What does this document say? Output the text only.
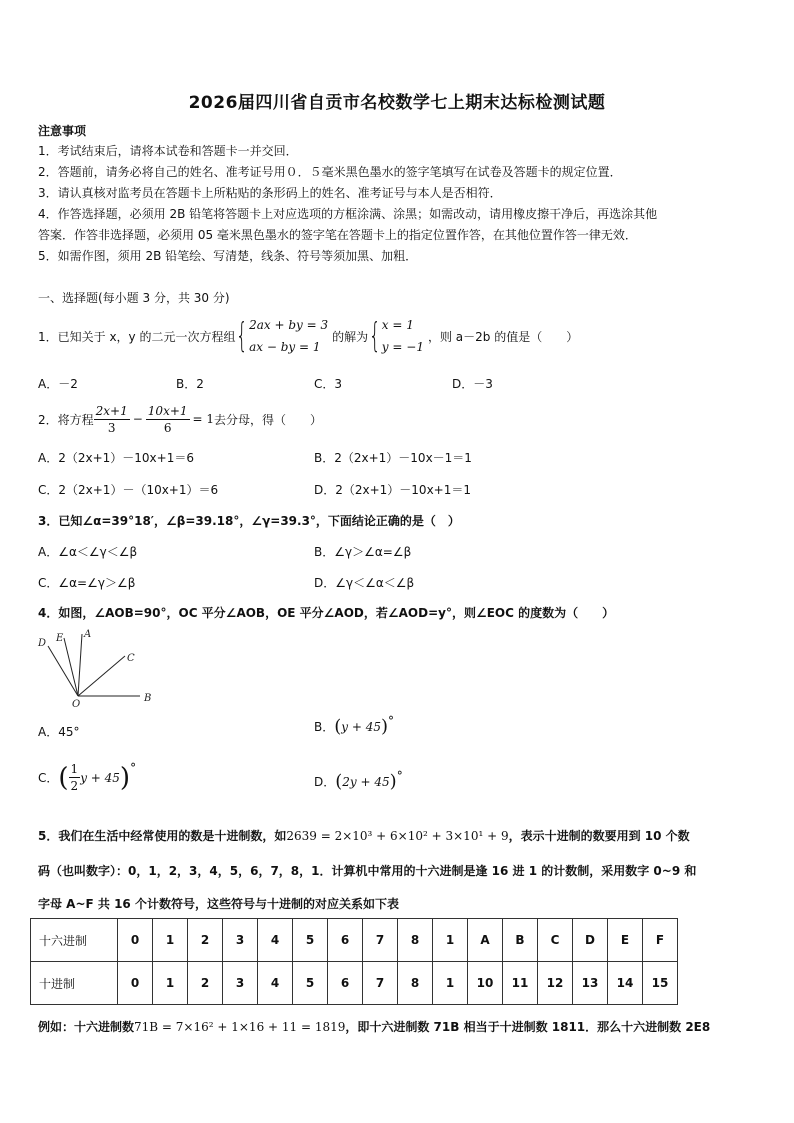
2026届四川省自贡市名校数学七上期末达标检测试题
注意事项
1．考试结束后，请将本试卷和答题卡一并交回．
2．答题前，请务必将自己的姓名、准考证号用０．５毫米黑色墨水的签字笔填写在试卷及答题卡的规定位置．
3．请认真核对监考员在答题卡上所粘贴的条形码上的姓名、准考证号与本人是否相符．
4．作答选择题，必须用 2B 铅笔将答题卡上对应选项的方框涂满、涂黑；如需改动，请用橡皮擦干净后，再选涂其他
答案．作答非选择题，必须用 05 毫米黑色墨水的签字笔在答题卡上的指定位置作答，在其他位置作答一律无效．
5．如需作图，须用 2B 铅笔绘、写清楚，线条、符号等须加黑、加粗．
一、选择题(每小题 3 分，共 30 分)
1．已知关于 x，y 的二元一次方程组 { 2ax + by = 3
ax − by = 1
的解为 { x = 1
y = −1
，则 a－2b 的值是（　　）
A．－2	B．2	C．3	D．－3
2．将方程 $\frac{2x+1}{3} - \frac{10x+1}{6} = 1$ 去分母，得（　　）
A．2（2x+1）－10x+1＝6	B．2（2x+1）－10x－1＝1
C．2（2x+1）－（10x+1）＝6	D．2（2x+1）－10x+1＝1
3．已知∠α=39°18′，∠β=39.18°，∠γ=39.3°，下面结论正确的是（　）
A．∠α＜∠γ＜∠β	B．∠γ＞∠α=∠β
C．∠α=∠γ＞∠β	D．∠γ＜∠α＜∠β
4．如图，∠AOB=90°，OC 平分∠AOB，OE 平分∠AOD，若∠AOD=y°，则∠EOC 的度数为（　　）
D E A
C
O
B
A．45°	B． ( y + 45 ) °
C． ( $\frac{1}{2}$ y + 45 ) °
D． ( 2y + 45 ) °
5．我们在生活中经常使用的数是十进制数，如2639 = 2×10³ + 6×10² + 3×10¹ + 9，表示十进制的数要用到 10 个数
码（也叫数字）：0，1，2，3，4，5，6，7，8，1．计算机中常用的十六进制是逢 16 进 1 的计数制，采用数字 0~9 和
字母 A~F 共 16 个计数符号，这些符号与十进制的对应关系如下表
十六进制	0	1	2	3	4	5	6	7	8	1	A	B	C	D	E	F
十进制	0	1	2	3	4	5	6	7	8	1	10	11	12	13	14	15
例如：十六进制数71B = 7×16² + 1×16 + 11 = 1819，即十六进制数 71B 相当于十进制数 1811．那么十六进制数 2E8
